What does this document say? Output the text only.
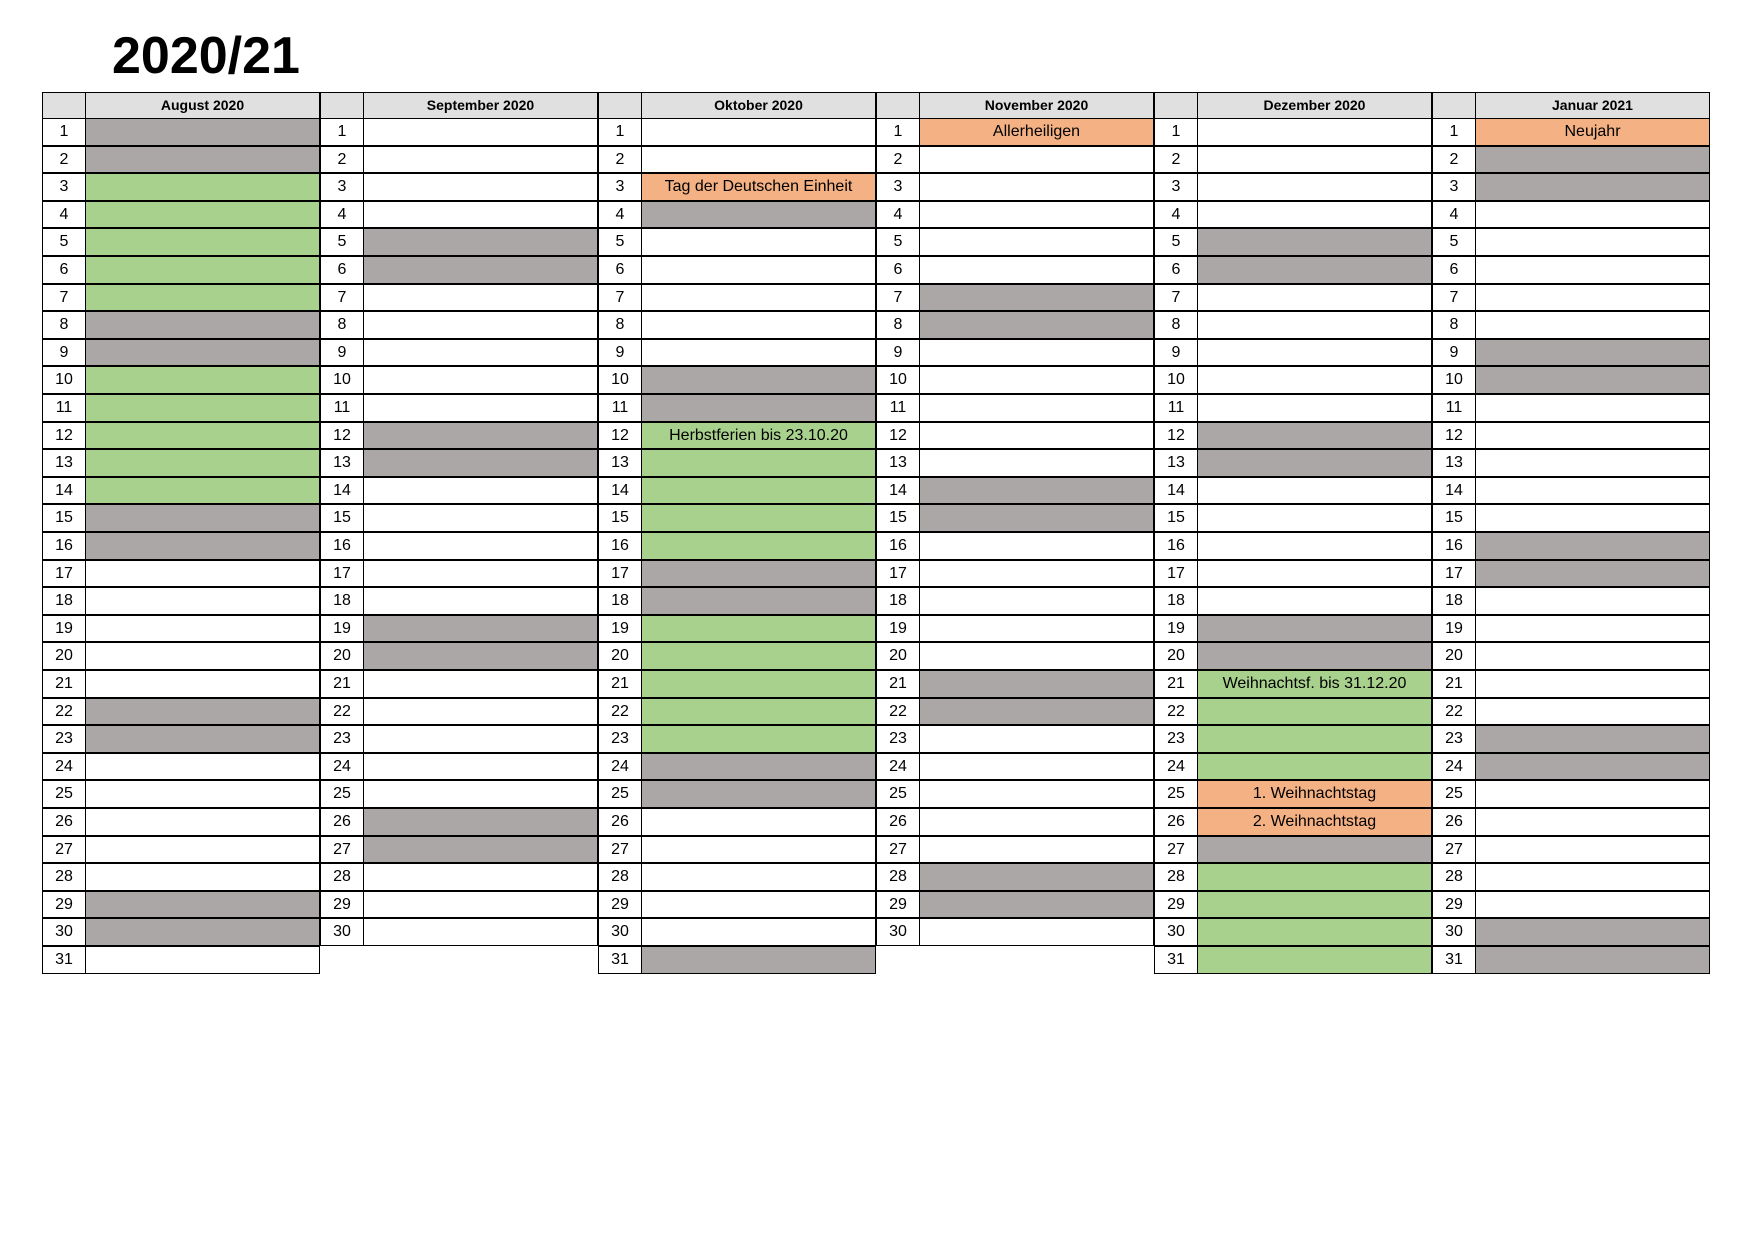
2020/21
August 2020
1
2
3
4
5
6
7
8
9
10
11
12
13
14
15
16
17
18
19
20
21
22
23
24
25
26
27
28
29
30
31
September 2020
1
2
3
4
5
6
7
8
9
10
11
12
13
14
15
16
17
18
19
20
21
22
23
24
25
26
27
28
29
30
Oktober 2020
1
2
3	Tag der Deutschen Einheit
4
5
6
7
8
9
10
11
12	Herbstferien bis 23.10.20
13
14
15
16
17
18
19
20
21
22
23
24
25
26
27
28
29
30
31
November 2020
1	Allerheiligen
2
3
4
5
6
7
8
9
10
11
12
13
14
15
16
17
18
19
20
21
22
23
24
25
26
27
28
29
30
Dezember 2020
1
2
3
4
5
6
7
8
9
10
11
12
13
14
15
16
17
18
19
20
21	Weihnachtsf. bis 31.12.20
22
23
24
25	1. Weihnachtstag
26	2. Weihnachtstag
27
28
29
30
31
Januar 2021
1	Neujahr
2
3
4
5
6
7
8
9
10
11
12
13
14
15
16
17
18
19
20
21
22
23
24
25
26
27
28
29
30
31
